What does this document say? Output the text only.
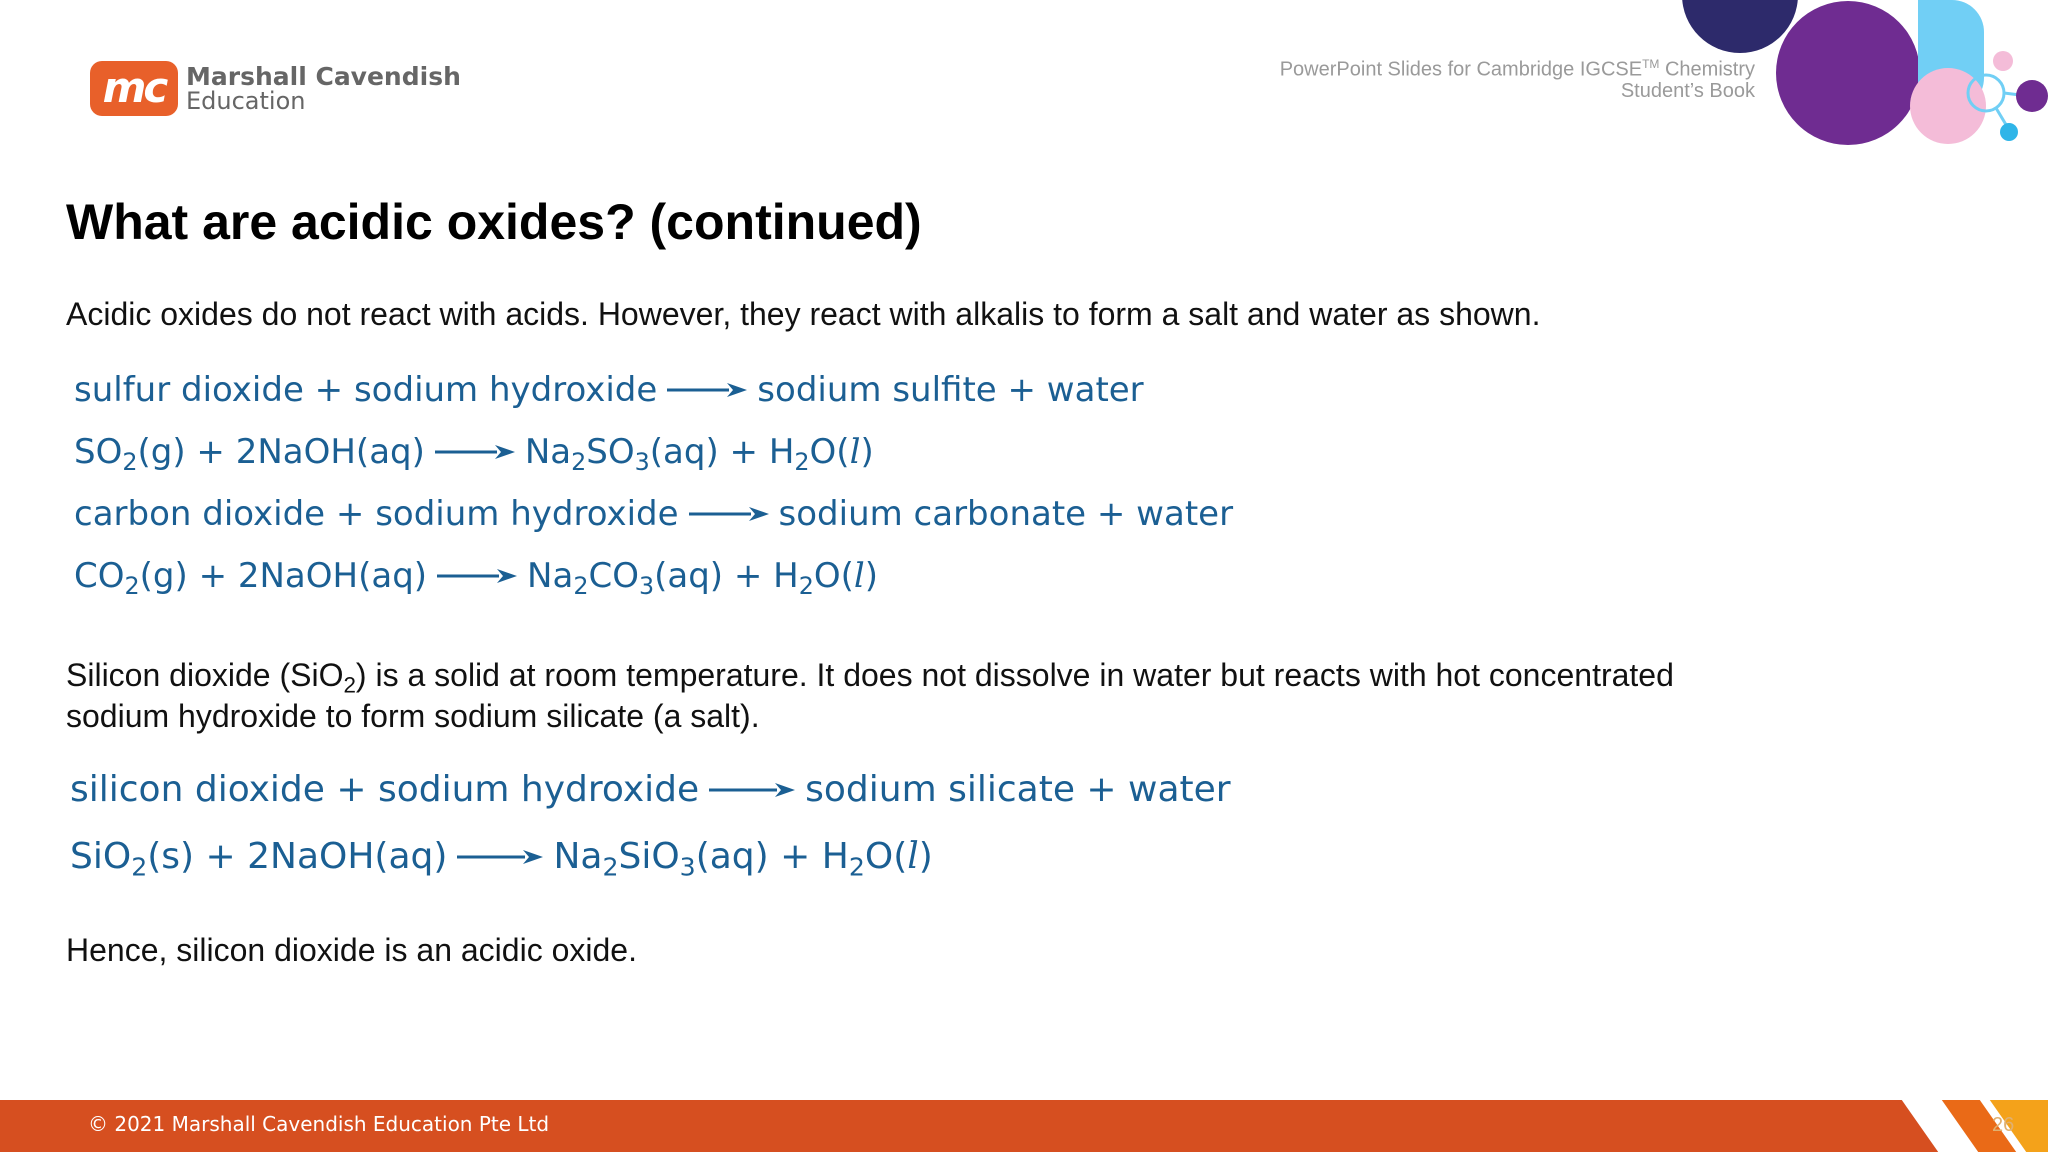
mc Marshall Cavendish
Education
PowerPoint Slides for Cambridge IGCSE™ Chemistry
Student’s Book
What are acidic oxides? (continued)

Acidic oxides do not react with acids. However, they react with alkalis to form a salt and water as shown.

sulfur dioxide + sodium hydroxide → sodium sulfite + water
$SO_2(g)$ + 2NaOH(aq) → $Na_2SO_3(aq) + H_2O(l)$
carbon dioxide + sodium hydroxide → sodium carbonate + water
$CO_2(g)$ + 2NaOH(aq) → $Na_2CO_3(aq) + H_2O(l)$

Silicon dioxide (SiO$_2$) is a solid at room temperature. It does not dissolve in water but reacts with hot concentrated sodium hydroxide to form sodium silicate (a salt).

silicon dioxide + sodium hydroxide → sodium silicate + water
SiO$_2$(s) + 2NaOH(aq) → $Na_2SiO_3(aq) + H_2O(l)$

Hence, silicon dioxide is an acidic oxide.

© 2021 Marshall Cavendish Education Pte Ltd	26
